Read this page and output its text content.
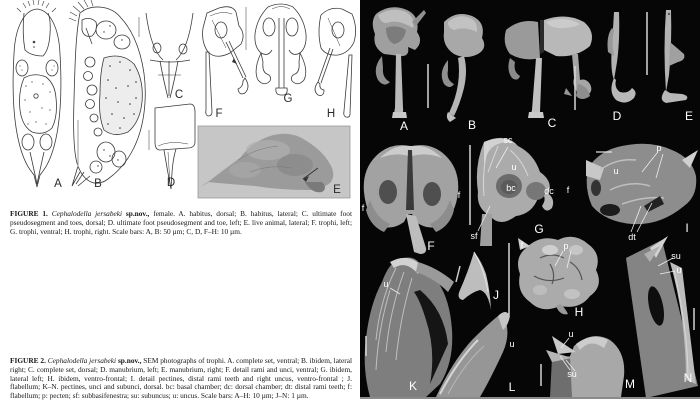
A	B
C
D
E
F
G
H

FIGURE 1. Cephalodella jersabeki sp.nov., female. A. habitus, dorsal; B. habitus, lateral; C. ultimate foot pseudosegment and toes, dorsal; D. ultimate foot pseudosegment and toe, left; E. live animal, lateral; F. trophi, left; G. trophi, ventral; H. trophi, right. Scale bars: A, B: 50 µm; C, D, F–H: 10 µm.

FIGURE 2. Cephalodella jersabeki sp.nov., SEM photographs of trophi. A. complete set, ventral; B. ibidem, lateral right; C. complete set, dorsal; D. manubrium, left; E. manubrium, right; F. detail rami and unci, ventral; G. ibidem, lateral left; H. ibidem, ventro-frontal; I. detail pectines, distal rami teeth and right uncus, ventro-frontal ; J. flabellum; K–N. pectines, unci and subunci, dorsal. bc: basal chamber; dc: dorsal chamber; dt: distal rami teeth; f: flabellum; p: pecten; sf: subbasifenestra; su: subuncus; u: uncus. Scale bars: A–H: 10 µm; J–N: 1 µm.

A	B	C	D	E
F
G
H
I
J
K	L	M	N
f
f
sc
u
bc	dc f
sf
u
p
dt
u
f	p
u
u
su
su
u
